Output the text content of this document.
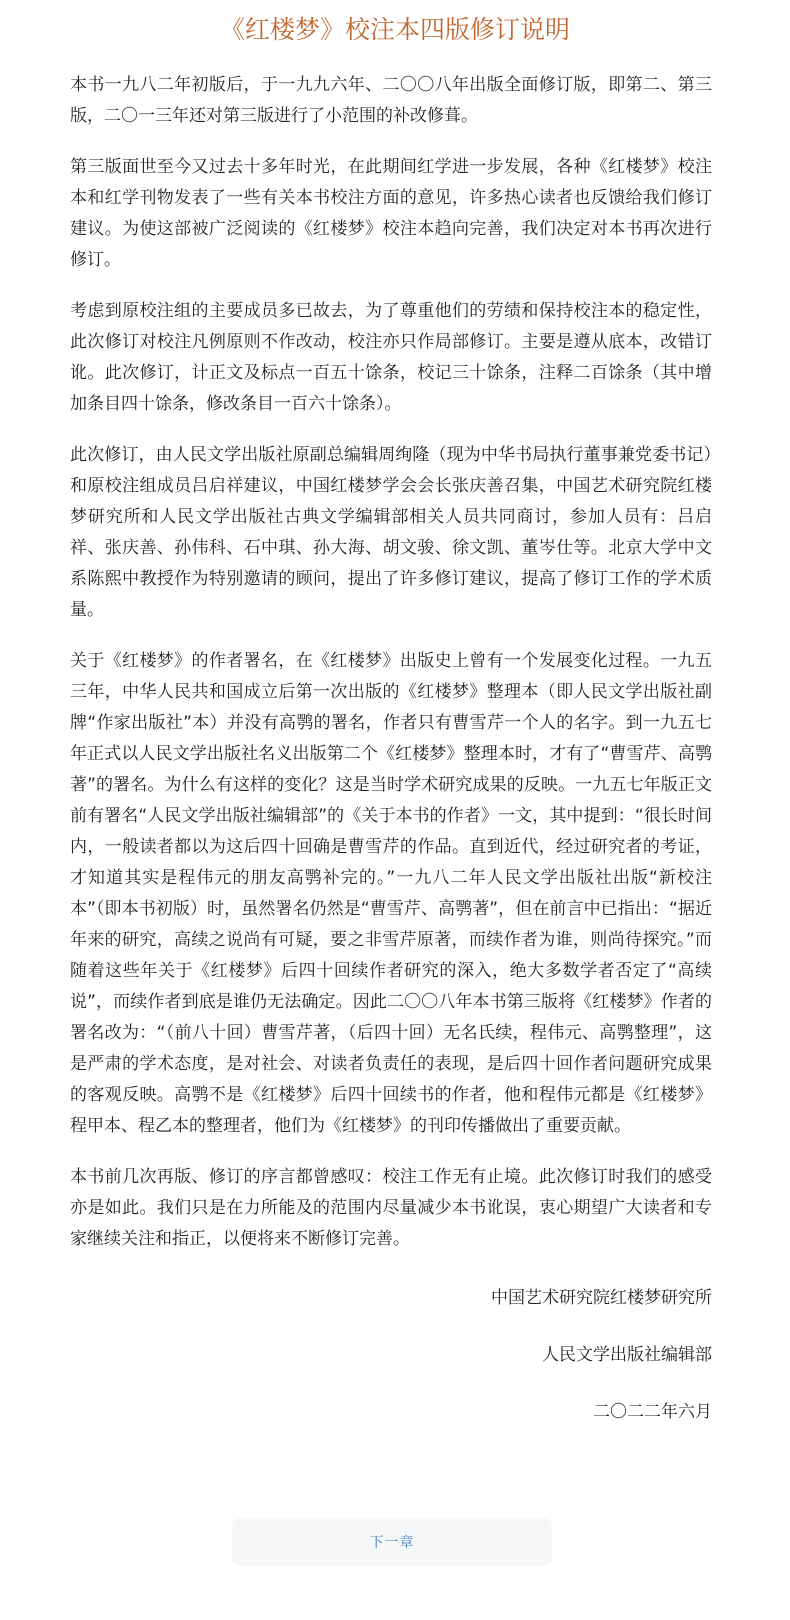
《红楼梦》校注本四版修订说明

本书一九八二年初版后，于一九九六年、二〇〇八年出版全面修订版，即第二、第三版，二〇一三年还对第三版进行了小范围的补改修葺。

第三版面世至今又过去十多年时光，在此期间红学进一步发展，各种《红楼梦》校注本和红学刊物发表了一些有关本书校注方面的意见，许多热心读者也反馈给我们修订建议。为使这部被广泛阅读的《红楼梦》校注本趋向完善，我们决定对本书再次进行修订。

考虑到原校注组的主要成员多已故去，为了尊重他们的劳绩和保持校注本的稳定性，此次修订对校注凡例原则不作改动，校注亦只作局部修订。主要是遵从底本，改错订讹。此次修订，计正文及标点一百五十馀条，校记三十馀条，注释二百馀条（其中增加条目四十馀条，修改条目一百六十馀条）。

此次修订，由人民文学出版社原副总编辑周绚隆（现为中华书局执行董事兼党委书记）和原校注组成员吕启祥建议，中国红楼梦学会会长张庆善召集，中国艺术研究院红楼梦研究所和人民文学出版社古典文学编辑部相关人员共同商讨，参加人员有：吕启祥、张庆善、孙伟科、石中琪、孙大海、胡文骏、徐文凯、董岑仕等。北京大学中文系陈熙中教授作为特别邀请的顾问，提出了许多修订建议，提高了修订工作的学术质量。

关于《红楼梦》的作者署名，在《红楼梦》出版史上曾有一个发展变化过程。一九五三年，中华人民共和国成立后第一次出版的《红楼梦》整理本（即人民文学出版社副牌“作家出版社”本）并没有高鹗的署名，作者只有曹雪芹一个人的名字。到一九五七年正式以人民文学出版社名义出版第二个《红楼梦》整理本时，才有了“曹雪芹、高鹗著”的署名。为什么有这样的变化？这是当时学术研究成果的反映。一九五七年版正文前有署名“人民文学出版社编辑部”的《关于本书的作者》一文，其中提到：“很长时间内，一般读者都以为这后四十回确是曹雪芹的作品。直到近代，经过研究者的考证，才知道其实是程伟元的朋友高鹗补完的。”一九八二年人民文学出版社出版“新校注本”（即本书初版）时，虽然署名仍然是“曹雪芹、高鹗著”，但在前言中已指出：“据近年来的研究，高续之说尚有可疑，要之非雪芹原著，而续作者为谁，则尚待探究。”而随着这些年关于《红楼梦》后四十回续作者研究的深入，绝大多数学者否定了“高续说”，而续作者到底是谁仍无法确定。因此二〇〇八年本书第三版将《红楼梦》作者的署名改为：“（前八十回）曹雪芹著，（后四十回）无名氏续，程伟元、高鹗整理”，这是严肃的学术态度，是对社会、对读者负责任的表现，是后四十回作者问题研究成果的客观反映。高鹗不是《红楼梦》后四十回续书的作者，他和程伟元都是《红楼梦》程甲本、程乙本的整理者，他们为《红楼梦》的刊印传播做出了重要贡献。

本书前几次再版、修订的序言都曾感叹：校注工作无有止境。此次修订时我们的感受亦是如此。我们只是在力所能及的范围内尽量减少本书讹误，衷心期望广大读者和专家继续关注和指正，以便将来不断修订完善。

中国艺术研究院红楼梦研究所

人民文学出版社编辑部

二〇二二年六月

下一章
